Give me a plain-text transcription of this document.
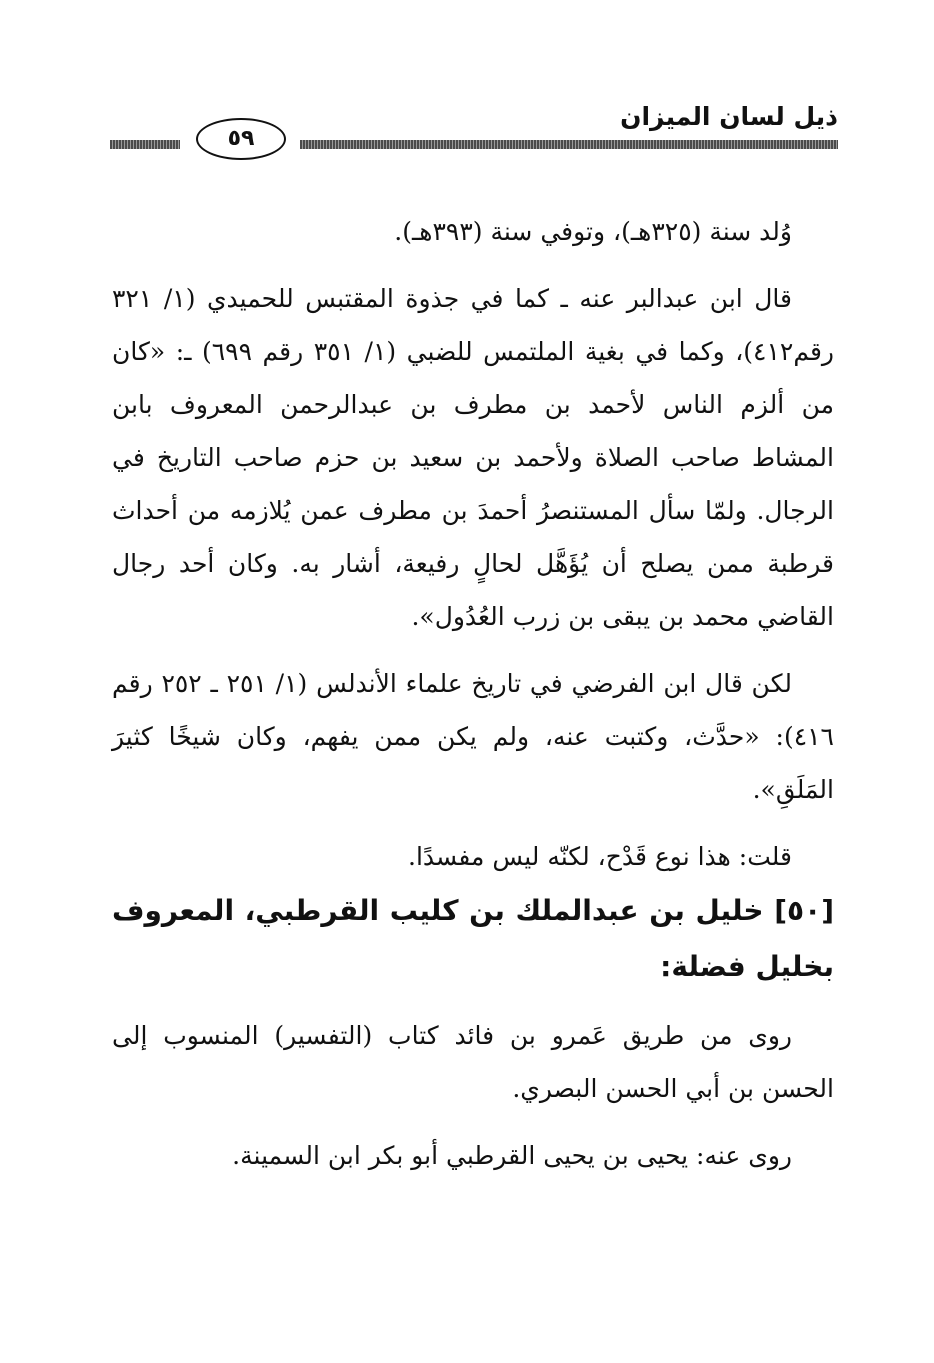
٥٩
ذيل لسان الميزان

وُلد سنة (٣٢٥هـ)، وتوفي سنة (٣٩٣هـ).

قال ابن عبدالبر عنه ـ كما في جذوة المقتبس للحميدي (١/ ٣٢١ رقم٤١٢)، وكما في بغية الملتمس للضبي (١/ ٣٥١ رقم ٦٩٩) ـ: «كان من ألزم الناس لأحمد بن مطرف بن عبدالرحمن المعروف بابن المشاط صاحب الصلاة ولأحمد بن سعيد بن حزم صاحب التاريخ في الرجال. ولمّا سأل المستنصرُ أحمدَ بن مطرف عمن يُلازمه من أحداث قرطبة ممن يصلح أن يُؤَهَّل لحالٍ رفيعة، أشار به. وكان أحد رجال القاضي محمد بن يبقى بن زرب العُدُول».

لكن قال ابن الفرضي في تاريخ علماء الأندلس (١/ ٢٥١ ـ ٢٥٢ رقم ٤١٦): «حدَّث، وكتبت عنه، ولم يكن ممن يفهم، وكان شيخًا كثيرَ المَلَقِ».

قلت: هذا نوع قَدْح، لكنّه ليس مفسدًا.

[٥٠] خليل بن عبدالملك بن كليب القرطبي، المعروف بخليل فضلة:

روى من طريق عَمرو بن فائد كتاب (التفسير) المنسوب إلى الحسن بن أبي الحسن البصري.

روى عنه: يحيى بن يحيى القرطبي أبو بكر ابن السمينة.
